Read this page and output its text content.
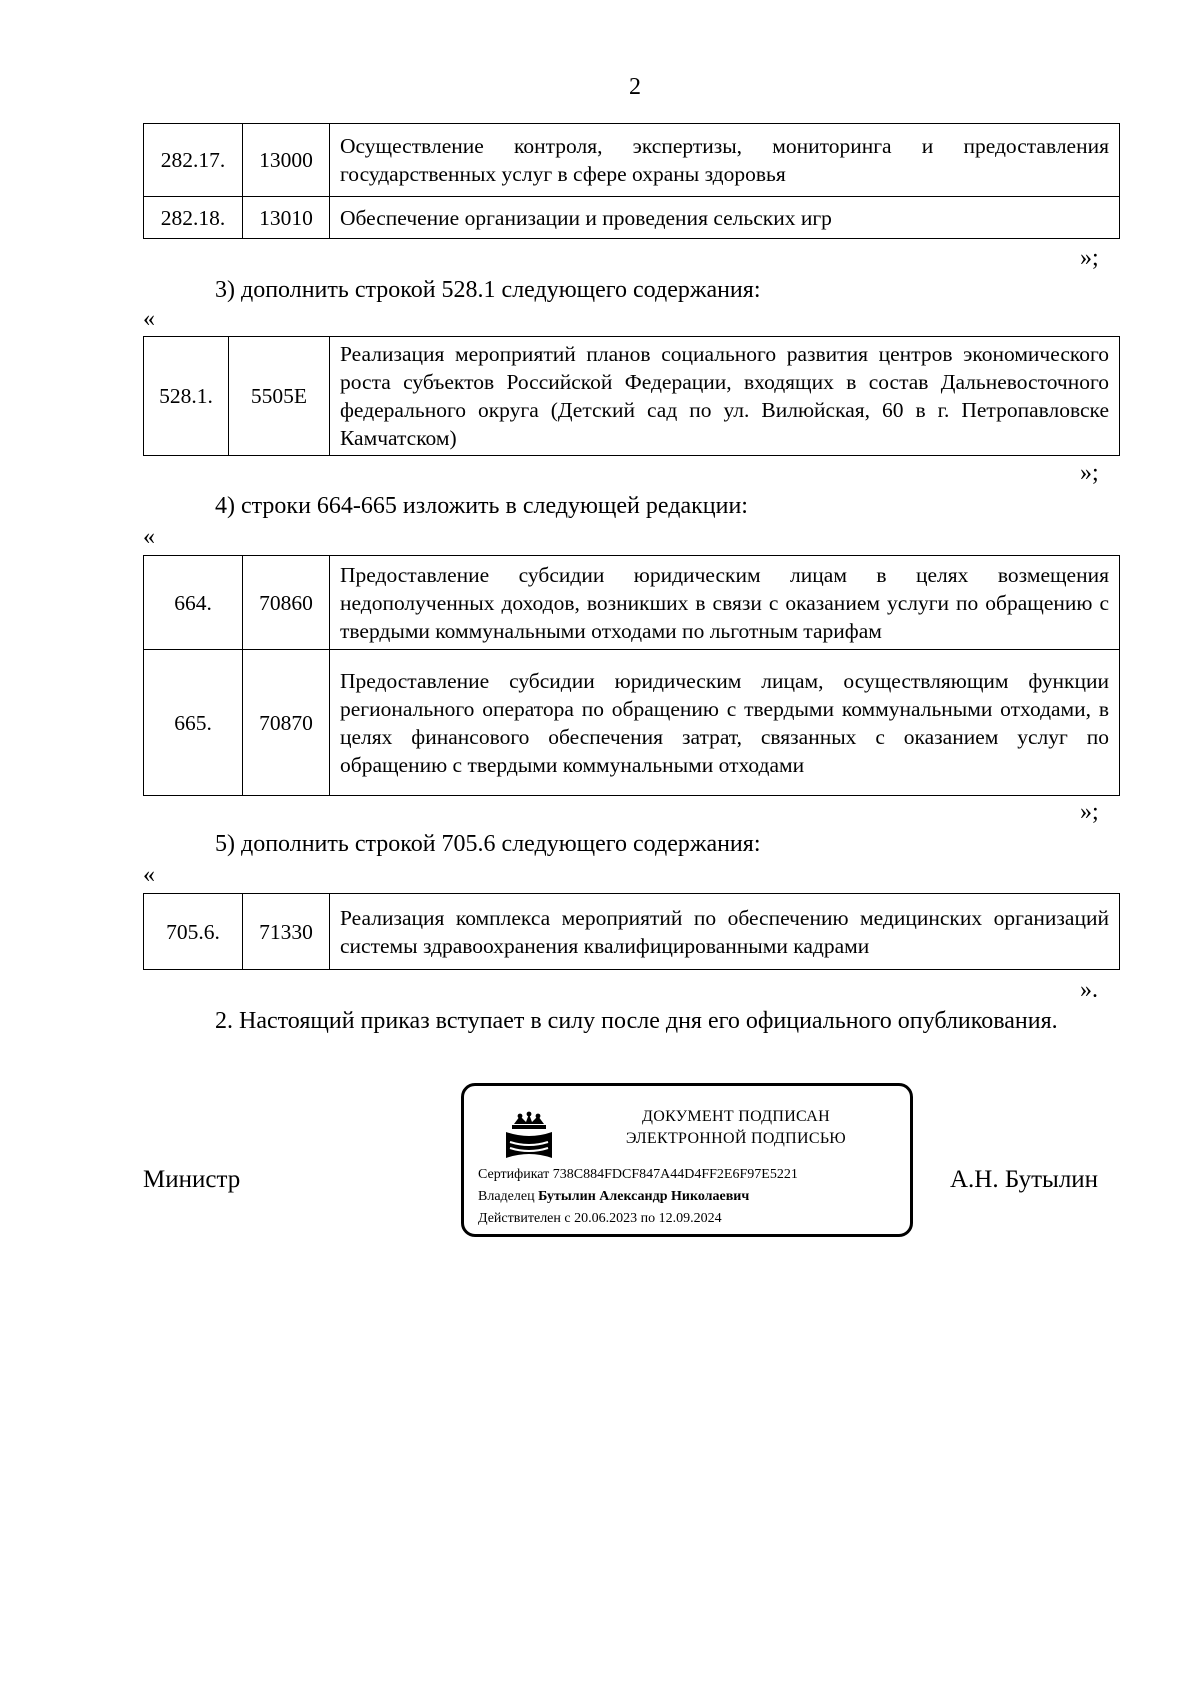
2
282.17.	13000	Осуществление контроля, экспертизы, мониторинга и предоставления государственных услуг в сфере охраны здоровья
282.18.	13010	Обеспечение организации и проведения сельских игр
»;
3) дополнить строкой 528.1 следующего содержания:
«
528.1.	5505E	Реализация мероприятий планов социального развития центров экономического роста субъектов Российской Федерации, входящих в состав Дальневосточного федерального округа (Детский сад по ул. Вилюйская, 60 в г. Петропавловске Камчатском)
»;
4) строки 664-665 изложить в следующей редакции:
«
664.	70860	Предоставление субсидии юридическим лицам в целях возмещения недополученных доходов, возникших в связи с оказанием услуги по обращению с твердыми коммунальными отходами по льготным тарифам
665.	70870	Предоставление субсидии юридическим лицам, осуществляющим функции регионального оператора по обращению с твердыми коммунальными отходами, в целях финансового обеспечения затрат, связанных с оказанием услуг по обращению с твердыми коммунальными отходами
»;
5) дополнить строкой 705.6 следующего содержания:
«
705.6.	71330	Реализация комплекса мероприятий по обеспечению медицинских организаций системы здравоохранения квалифицированными кадрами
».
2. Настоящий приказ вступает в силу после дня его официального опубликования.
Министр	А.Н. Бутылин
ДОКУМЕНТ ПОДПИСАН
ЭЛЕКТРОННОЙ ПОДПИСЬЮ
Сертификат 738C884FDCF847A44D4FF2E6F97E5221
Владелец Бутылин Александр Николаевич
Действителен с 20.06.2023 по 12.09.2024
